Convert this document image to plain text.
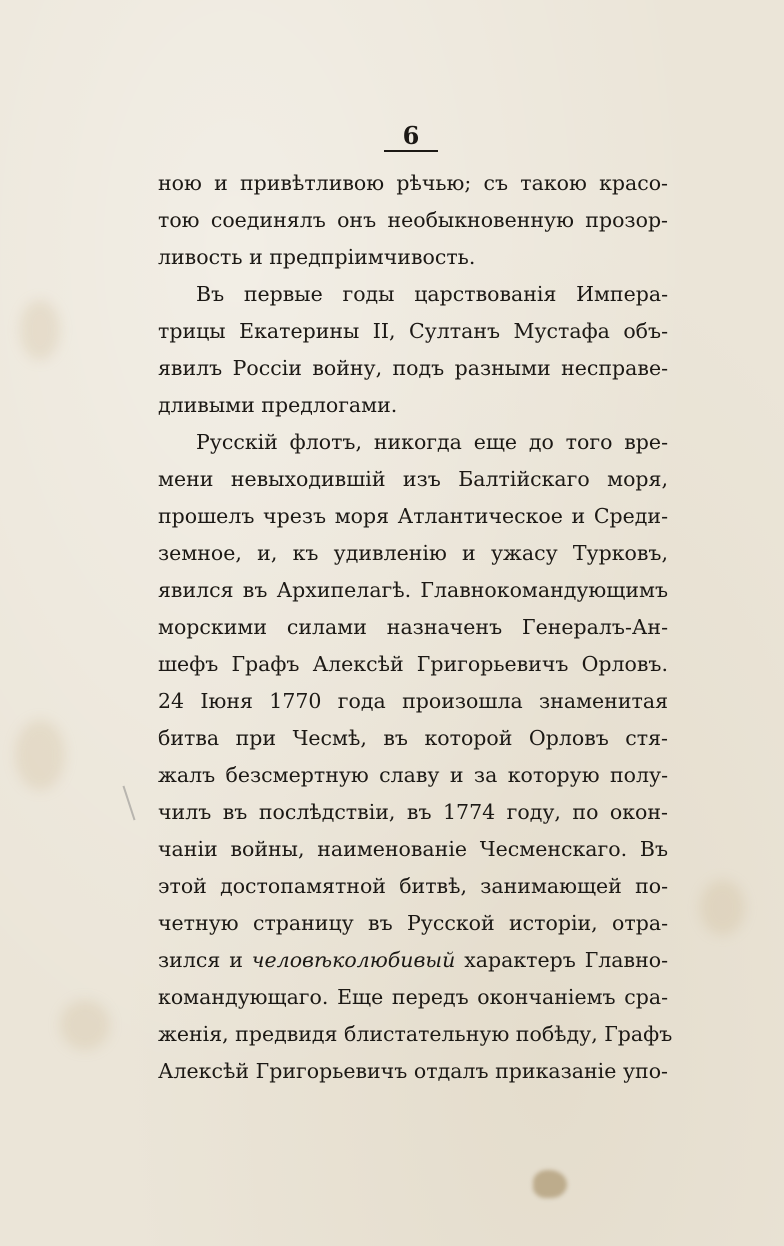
6
ною и привѣтливою рѣчью; съ такою красо-
тою соединялъ онъ необыкновенную прозор-
ливость и предпріимчивость.
Въ первые годы царствованія Импера-
трицы Екатерины II, Султанъ Мустафа объ-
явилъ Россіи войну, подъ разными несправе-
дливыми предлогами.
Русскій флотъ, никогда еще до того вре-
мени невыходившій изъ Балтійскаго моря,
прошелъ чрезъ моря Атлантическое и Среди-
земное, и, къ удивленію и ужасу Турковъ,
явился въ Архипелагѣ. Главнокомандующимъ
морскими силами назначенъ Генералъ-Ан-
шефъ Графъ Алексѣй Григорьевичъ Орловъ.
24 Іюня 1770 года произошла знаменитая
битва при Чесмѣ, въ которой Орловъ стя-
жалъ безсмертную славу и за которую полу-
чилъ въ послѣдствіи, въ 1774 году, по окон-
чаніи войны, наименованіе Чесменскаго. Въ
этой достопамятной битвѣ, занимающей по-
четную страницу въ Русской исторіи, отра-
зился и человѣколюбивый характеръ Главно-
командующаго. Еще передъ окончаніемъ сра-
женія, предвидя блистательную побѣду, Графъ
Алексѣй Григорьевичъ отдалъ приказаніе упо-
